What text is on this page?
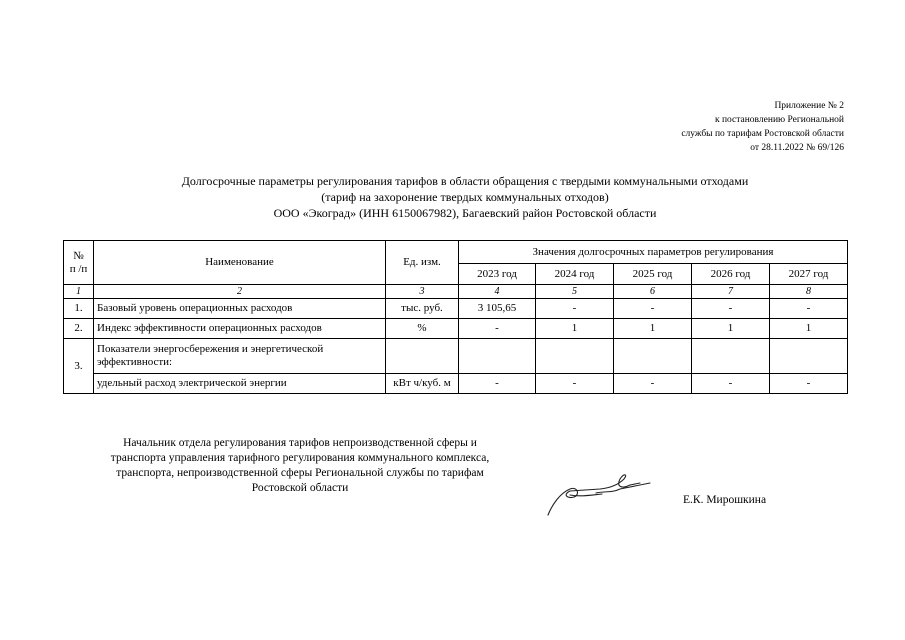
Приложение № 2
к постановлению Региональной
службы по тарифам Ростовской области
от 28.11.2022 № 69/126
Долгосрочные параметры регулирования тарифов в области обращения с твердыми коммунальными отходами
(тариф на захоронение твердых коммунальных отходов)
ООО «Экоград» (ИНН 6150067982), Багаевский район Ростовской области
№
п /п	Наименование	Ед. изм.	Значения долгосрочных параметров регулирования				
			2023 год	2024 год	2025 год	2026 год	2027 год
1	2	3	4	5	6	7	8
1.	Базовый уровень операционных расходов	тыс. руб.	3 105,65	-	-	-	-
2.	Индекс эффективности операционных расходов	%	-	1	1	1	1
3.	Показатели энергосбережения и энергетической эффективности:						
	удельный расход электрической энергии	кВт ч/куб. м	-	-	-	-	-
Начальник отдела регулирования тарифов непроизводственной сферы и
транспорта управления тарифного регулирования коммунального комплекса,
транспорта, непроизводственной сферы Региональной службы по тарифам
Ростовской области
Е.К. Мирошкина
